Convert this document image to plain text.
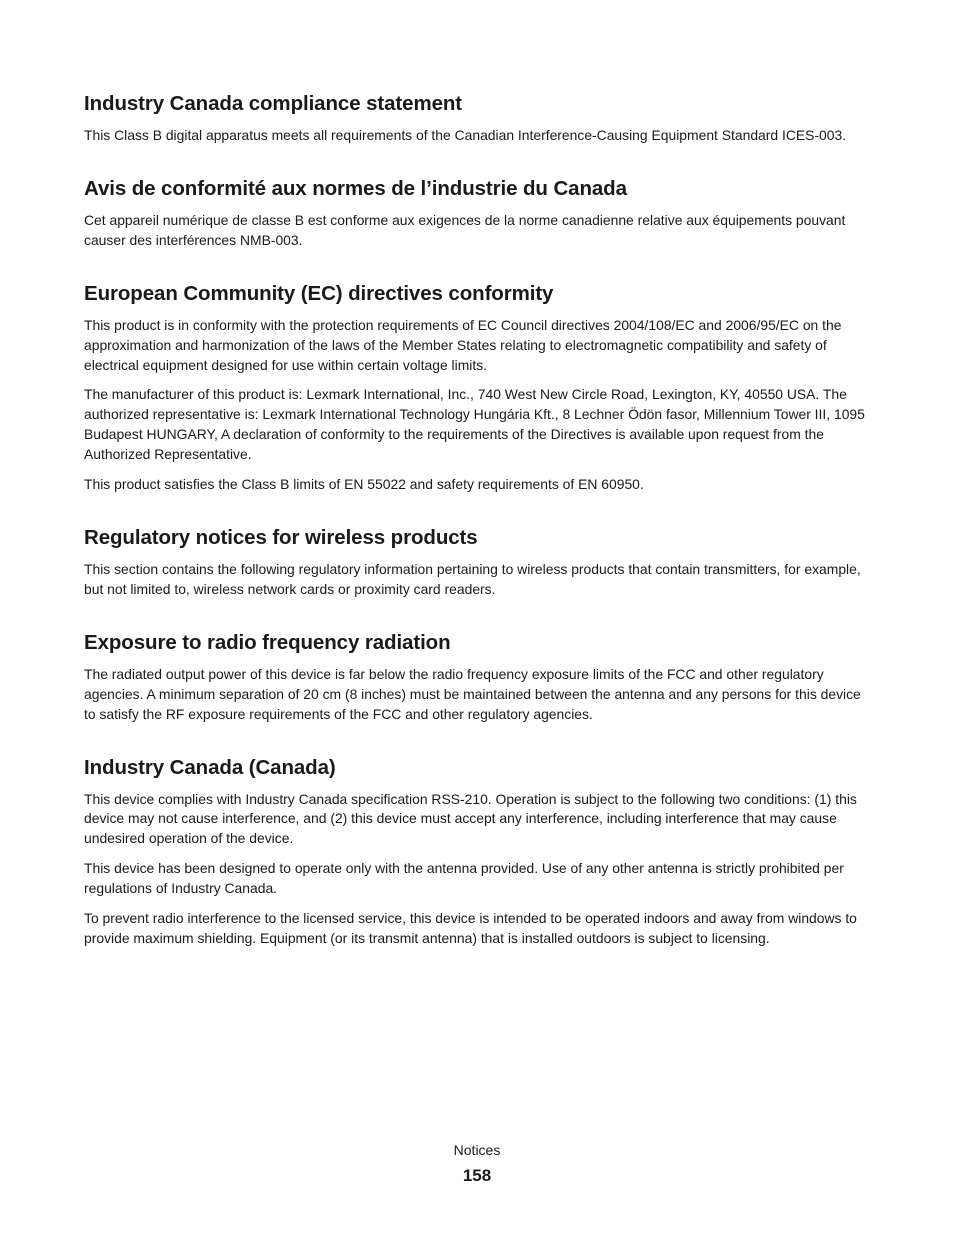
Industry Canada compliance statement

This Class B digital apparatus meets all requirements of the Canadian Interference-Causing Equipment Standard ICES-003.

Avis de conformité aux normes de l’industrie du Canada

Cet appareil numérique de classe B est conforme aux exigences de la norme canadienne relative aux équipements pouvant causer des interférences NMB-003.

European Community (EC) directives conformity

This product is in conformity with the protection requirements of EC Council directives 2004/108/EC and 2006/95/EC on the approximation and harmonization of the laws of the Member States relating to electromagnetic compatibility and safety of electrical equipment designed for use within certain voltage limits.

The manufacturer of this product is: Lexmark International, Inc., 740 West New Circle Road, Lexington, KY, 40550 USA. The authorized representative is: Lexmark International Technology Hungária Kft., 8 Lechner Ödön fasor, Millennium Tower III, 1095 Budapest HUNGARY, A declaration of conformity to the requirements of the Directives is available upon request from the Authorized Representative.

This product satisfies the Class B limits of EN 55022 and safety requirements of EN 60950.

Regulatory notices for wireless products

This section contains the following regulatory information pertaining to wireless products that contain transmitters, for example, but not limited to, wireless network cards or proximity card readers.

Exposure to radio frequency radiation

The radiated output power of this device is far below the radio frequency exposure limits of the FCC and other regulatory agencies. A minimum separation of 20 cm (8 inches) must be maintained between the antenna and any persons for this device to satisfy the RF exposure requirements of the FCC and other regulatory agencies.

Industry Canada (Canada)

This device complies with Industry Canada specification RSS-210. Operation is subject to the following two conditions: (1) this device may not cause interference, and (2) this device must accept any interference, including interference that may cause undesired operation of the device.

This device has been designed to operate only with the antenna provided. Use of any other antenna is strictly prohibited per regulations of Industry Canada.

To prevent radio interference to the licensed service, this device is intended to be operated indoors and away from windows to provide maximum shielding. Equipment (or its transmit antenna) that is installed outdoors is subject to licensing.

Notices
158
